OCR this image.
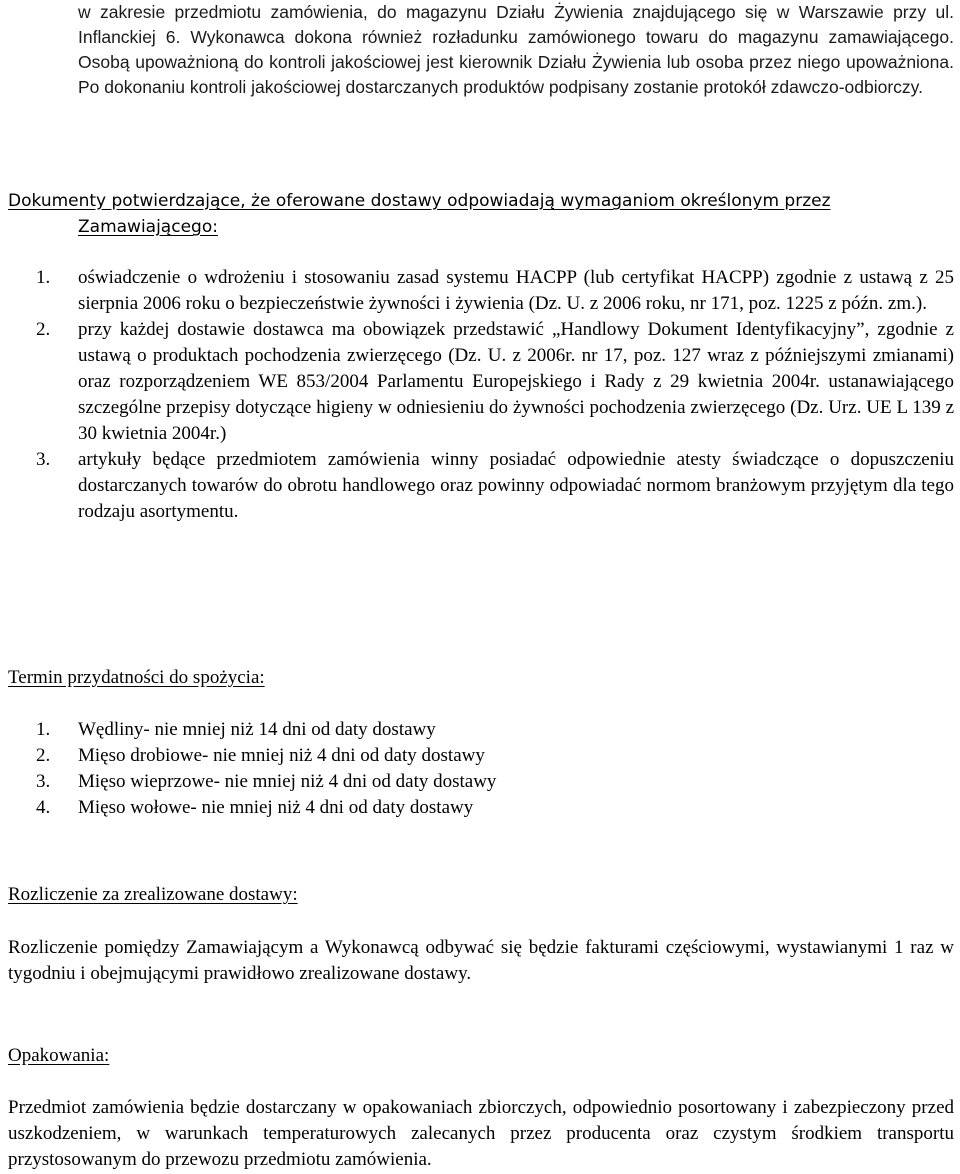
w zakresie przedmiotu zamówienia, do magazynu Działu Żywienia znajdującego się w Warszawie przy ul. Inflanckiej 6. Wykonawca dokona również rozładunku zamówionego towaru do magazynu zamawiającego. Osobą upoważnioną do kontroli jakościowej jest kierownik Działu Żywienia lub osoba przez niego upoważniona. Po dokonaniu kontroli jakościowej dostarczanych produktów podpisany zostanie protokół zdawczo-odbiorczy.

Dokumenty potwierdzające, że oferowane dostawy odpowiadają wymaganiom określonym przez Zamawiającego:
1. oświadczenie o wdrożeniu i stosowaniu zasad systemu HACPP (lub certyfikat HACPP) zgodnie z ustawą z 25 sierpnia 2006 roku o bezpieczeństwie żywności i żywienia (Dz. U. z 2006 roku, nr 171, poz. 1225 z późn. zm.).
2. przy każdej dostawie dostawca ma obowiązek przedstawić „Handlowy Dokument Identyfikacyjny”, zgodnie z ustawą o produktach pochodzenia zwierzęcego (Dz. U. z 2006r. nr 17, poz. 127 wraz z późniejszymi zmianami) oraz rozporządzeniem WE 853/2004 Parlamentu Europejskiego i Rady z 29 kwietnia 2004r. ustanawiającego szczególne przepisy dotyczące higieny w odniesieniu do żywności pochodzenia zwierzęcego (Dz. Urz. UE L 139 z 30 kwietnia 2004r.)
3. artykuły będące przedmiotem zamówienia winny posiadać odpowiednie atesty świadczące o dopuszczeniu dostarczanych towarów do obrotu handlowego oraz powinny odpowiadać normom branżowym przyjętym dla tego rodzaju asortymentu.
Termin przydatności do spożycia:
1. Wędliny- nie mniej niż 14 dni od daty dostawy
2. Mięso drobiowe- nie mniej niż 4 dni od daty dostawy
3. Mięso wieprzowe- nie mniej niż 4 dni od daty dostawy
4. Mięso wołowe- nie mniej niż 4 dni od daty dostawy
Rozliczenie za zrealizowane dostawy:

Rozliczenie pomiędzy Zamawiającym a Wykonawcą odbywać się będzie fakturami częściowymi, wystawianymi 1 raz w tygodniu i obejmującymi prawidłowo zrealizowane dostawy.

Opakowania:

Przedmiot zamówienia będzie dostarczany w opakowaniach zbiorczych, odpowiednio posortowany i zabezpieczony przed uszkodzeniem, w warunkach temperaturowych zalecanych przez producenta oraz czystym środkiem transportu przystosowanym do przewozu przedmiotu zamówienia.
